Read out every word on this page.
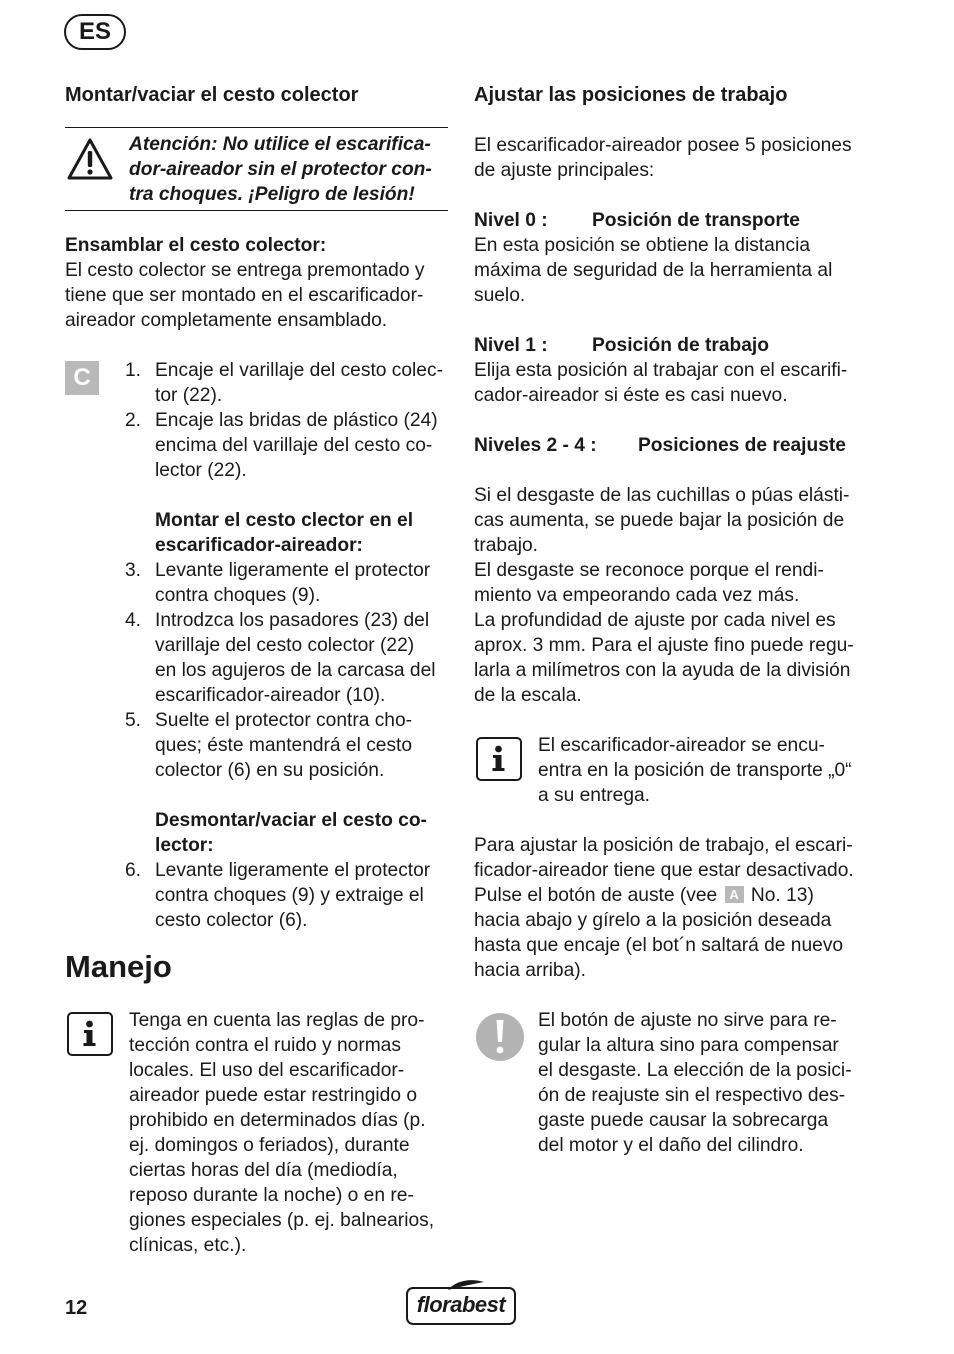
ES
Montar/vaciar el cesto colector
Atención: No utilice el escarifica-
dor-aireador sin el protector con-
tra choques. ¡Peligro de lesión!
Ensamblar el cesto colector:
El cesto colector se entrega premontado y
tiene que ser montado en el escarificador-
aireador completamente ensamblado.
C	1. Encaje el varillaje del cesto colec-
tor (22).
2. Encaje las bridas de plástico (24)
encima del varillaje del cesto co-
lector (22).
Montar el cesto clector en el
escarificador-aireador:
3. Levante ligeramente el protector
contra choques (9).
4. Introdzca los pasadores (23) del
varillaje del cesto colector (22)
en los agujeros de la carcasa del
escarificador-aireador (10).
5. Suelte el protector contra cho-
ques; éste mantendrá el cesto
colector (6) en su posición.
Desmontar/vaciar el cesto co-
lector:
6. Levante ligeramente el protector
contra choques (9) y extraige el
cesto colector (6).
Manejo
Tenga en cuenta las reglas de pro-
tección contra el ruido y normas
locales. El uso del escarificador-
aireador puede estar restringido o
prohibido en determinados días (p.
ej. domingos o feriados), durante
ciertas horas del día (mediodía,
reposo durante la noche) o en re-
giones especiales (p. ej. balnearios,
clínicas, etc.).
Ajustar las posiciones de trabajo
El escarificador-aireador posee 5 posiciones
de ajuste principales:
Nivel 0 : Posición de transporte
En esta posición se obtiene la distancia
máxima de seguridad de la herramienta al
suelo.
Nivel 1 : Posición de trabajo
Elija esta posición al trabajar con el escarifi-
cador-aireador si éste es casi nuevo.
Niveles 2 - 4 : Posiciones de reajuste
Si el desgaste de las cuchillas o púas elásti-
cas aumenta, se puede bajar la posición de
trabajo.
El desgaste se reconoce porque el rendi-
miento va empeorando cada vez más.
La profundidad de ajuste por cada nivel es
aprox. 3 mm. Para el ajuste fino puede regu-
larla a milímetros con la ayuda de la división
de la escala.
El escarificador-aireador se encu-
entra en la posición de transporte „0“
a su entrega.
Para ajustar la posición de trabajo, el escari-
ficador-aireador tiene que estar desactivado.
Pulse el botón de auste (vee A No. 13)
hacia abajo y gírelo a la posición deseada
hasta que encaje (el bot´n saltará de nuevo
hacia arriba).
El botón de ajuste no sirve para re-
gular la altura sino para compensar
el desgaste. La elección de la posici-
ón de reajuste sin el respectivo des-
gaste puede causar la sobrecarga
del motor y el daño del cilindro.
12	florabest
